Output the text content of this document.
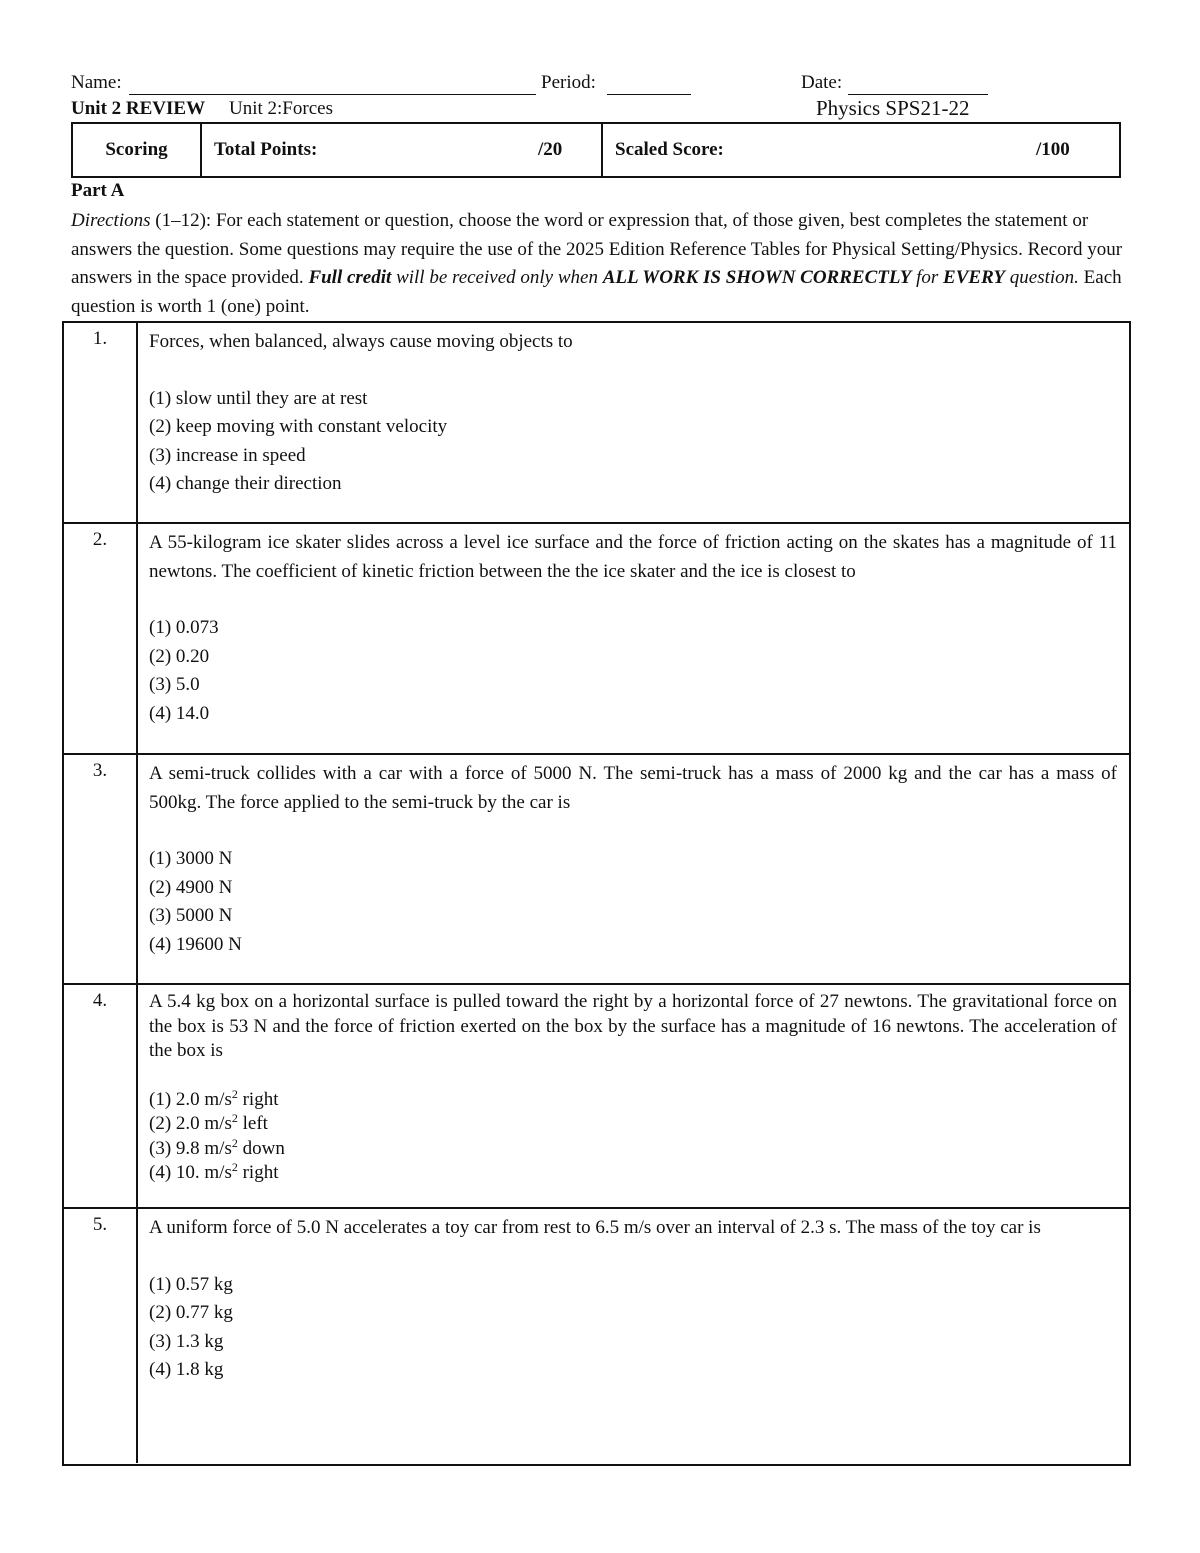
Name:	Period:	Date:
Unit 2 REVIEW Unit 2:Forces	Physics SPS21-22
Scoring Total Points:	/20	Scaled Score:	/100
Part A
Directions (1–12): For each statement or question, choose the word or expression that, of those given, best completes the statement or answers the question. Some questions may require the use of the 2025 Edition Reference Tables for Physical Setting/Physics. Record your answers in the space provided. Full credit will be received only when ALL WORK IS SHOWN CORRECTLY for EVERY question. Each question is worth 1 (one) point.
1.	Forces, when balanced, always cause moving objects to
(1) slow until they are at rest
(2) keep moving with constant velocity
(3) increase in speed
(4) change their direction
2.	A 55-kilogram ice skater slides across a level ice surface and the force of friction acting on the skates has a magnitude of 11 newtons. The coefficient of kinetic friction between the the ice skater and the ice is closest to
(1) 0.073
(2) 0.20
(3) 5.0
(4) 14.0
3.	A semi-truck collides with a car with a force of 5000 N. The semi-truck has a mass of 2000 kg and the car has a mass of 500kg. The force applied to the semi-truck by the car is
(1) 3000 N
(2) 4900 N
(3) 5000 N
(4) 19600 N
4.	A 5.4 kg box on a horizontal surface is pulled toward the right by a horizontal force of 27 newtons. The gravitational force on the box is 53 N and the force of friction exerted on the box by the surface has a magnitude of 16 newtons. The acceleration of the box is
(1) 2.0 $m/s^2$ right
(2) 2.0 $m/s^2$ left
(3) 9.8 $m/s^2$ down
(4) 10. $m/s^2$ right
5.	A uniform force of 5.0 N accelerates a toy car from rest to 6.5 m/s over an interval of 2.3 s. The mass of the toy car is
(1) 0.57 kg
(2) 0.77 kg
(3) 1.3 kg
(4) 1.8 kg
